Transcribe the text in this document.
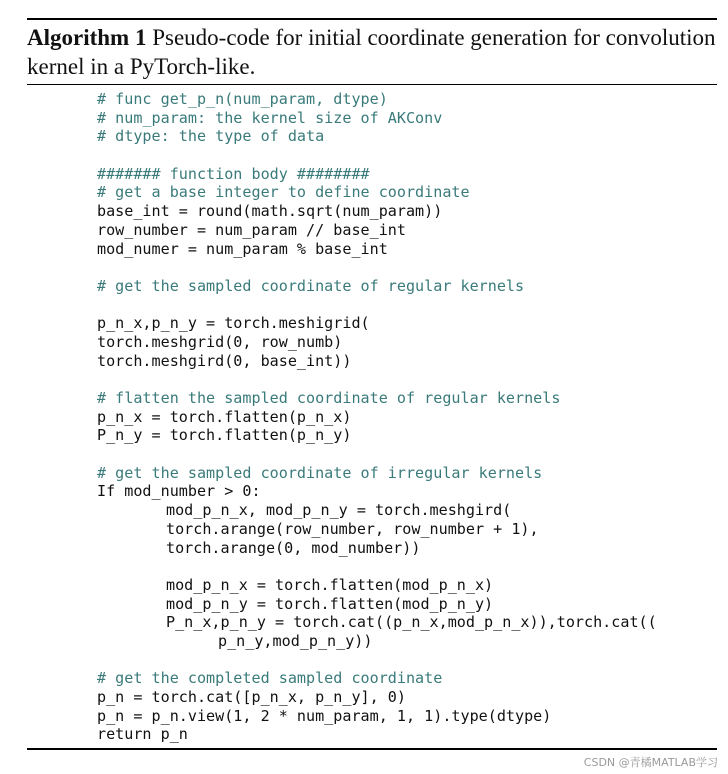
Algorithm 1 Pseudo-code for initial coordinate generation for convolution kernel in a PyTorch-like.
# func get_p_n(num_param, dtype)
# num_param: the kernel size of AKConv
# dtype: the type of data
####### function body ########
# get a base integer to define coordinate
base_int = round(math.sqrt(num_param))
row_number = num_param // base_int
mod_numer = num_param % base_int
# get the sampled coordinate of regular kernels
p_n_x,p_n_y = torch.meshigrid(
torch.meshgrid(0, row_numb)
torch.meshgird(0, base_int))
# flatten the sampled coordinate of regular kernels
p_n_x = torch.flatten(p_n_x)
P_n_y = torch.flatten(p_n_y)
# get the sampled coordinate of irregular kernels
If mod_number > 0:
mod_p_n_x, mod_p_n_y = torch.meshgird(
torch.arange(row_number, row_number + 1),
torch.arange(0, mod_number))
mod_p_n_x = torch.flatten(mod_p_n_x)
mod_p_n_y = torch.flatten(mod_p_n_y)
P_n_x,p_n_y = torch.cat((p_n_x,mod_p_n_x)),torch.cat((
p_n_y,mod_p_n_y))
# get the completed sampled coordinate
p_n = torch.cat([p_n_x, p_n_y], 0)
p_n = p_n.view(1, 2 * num_param, 1, 1).type(dtype)
return p_n
CSDN @青橘MATLAB学习
